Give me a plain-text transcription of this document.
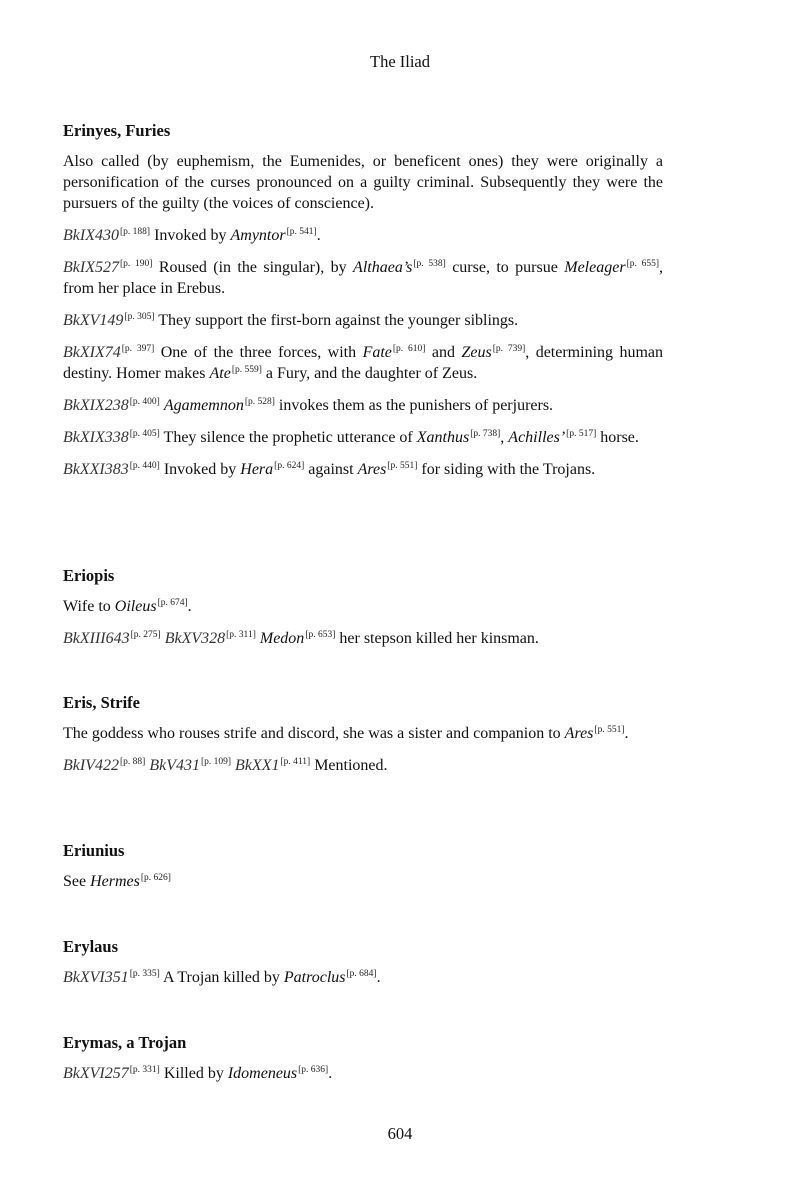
The Iliad
Erinyes, Furies

Also called (by euphemism, the Eumenides, or beneficent ones) they were originally a personification of the curses pronounced on a guilty criminal. Subsequently they were the pursuers of the guilty (the voices of conscience).

BkIX430[p. 188] Invoked by Amyntor[p. 541].

BkIX527[p. 190] Roused (in the singular), by Althaea’s[p. 538] curse, to pursue Meleager[p. 655], from her place in Erebus.

BkXV149[p. 305] They support the first-born against the younger siblings.

BkXIX74[p. 397] One of the three forces, with Fate[p. 610] and Zeus[p. 739], determining human destiny. Homer makes Ate[p. 559] a Fury, and the daughter of Zeus.

BkXIX238[p. 400] Agamemnon[p. 528] invokes them as the punishers of perjurers.

BkXIX338[p. 405] They silence the prophetic utterance of Xanthus[p. 738], Achilles’[p. 517] horse.

BkXXI383[p. 440] Invoked by Hera[p. 624] against Ares[p. 551] for siding with the Trojans.

Eriopis

Wife to Oileus[p. 674].

BkXIII643[p. 275] BkXV328[p. 311] Medon[p. 653] her stepson killed her kinsman.

Eris, Strife

The goddess who rouses strife and discord, she was a sister and companion to Ares[p. 551].

BkIV422[p. 88] BkV431[p. 109] BkXX1[p. 411] Mentioned.

Eriunius

See Hermes[p. 626]

Erylaus

BkXVI351[p. 335] A Trojan killed by Patroclus[p. 684].

Erymas, a Trojan

BkXVI257[p. 331] Killed by Idomeneus[p. 636].

604
